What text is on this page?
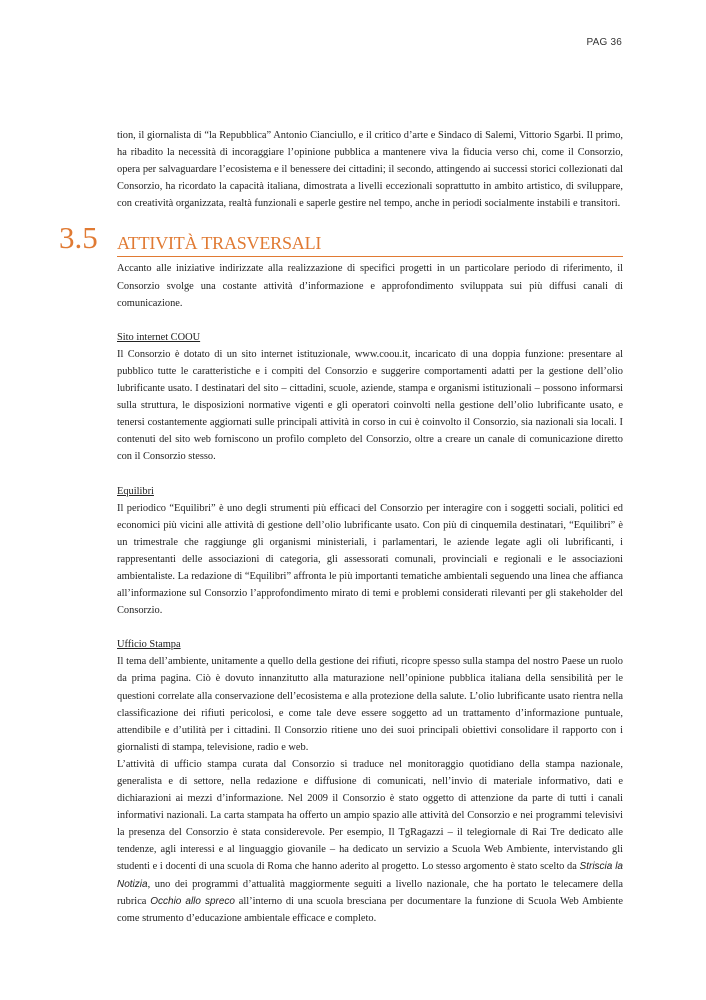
PAG 36

tion, il giornalista di “la Repubblica” Antonio Cianciullo, e il critico d’arte e Sindaco di Salemi, Vittorio Sgarbi. Il primo, ha ribadito la necessità di incoraggiare l’opinione pubblica a mantenere viva la fiducia verso chi, come il Consorzio, opera per salvaguardare l’ecosistema e il benessere dei cittadini; il secondo, attingendo ai successi storici collezionati dal Consorzio, ha ricordato la capacità italiana, dimostrata a livelli eccezionali soprattutto in ambito artistico, di sviluppare, con creatività organizzata, realtà funzionali e saperle gestire nel tempo, anche in periodi socialmente instabili e transitori.

3.5 ATTIVITÀ TRASVERSALI

Accanto alle iniziative indirizzate alla realizzazione di specifici progetti in un particolare periodo di riferimento, il Consorzio svolge una costante attività d’informazione e approfondimento sviluppata sui più diffusi canali di comunicazione.

Sito internet COOU

Il Consorzio è dotato di un sito internet istituzionale, www.coou.it, incaricato di una doppia funzione: presentare al pubblico tutte le caratteristiche e i compiti del Consorzio e suggerire comportamenti adatti per la gestione dell’olio lubrificante usato. I destinatari del sito – cittadini, scuole, aziende, stampa e organismi istituzionali – possono informarsi sulla struttura, le disposizioni normative vigenti e gli operatori coinvolti nella gestione dell’olio lubrificante usato, e tenersi costantemente aggiornati sulle principali attività in corso in cui è coinvolto il Consorzio, sia nazionali sia locali. I contenuti del sito web forniscono un profilo completo del Consorzio, oltre a creare un canale di comunicazione diretto con il Consorzio stesso.

Equilibri

Il periodico “Equilibri” è uno degli strumenti più efficaci del Consorzio per interagire con i soggetti sociali, politici ed economici più vicini alle attività di gestione dell’olio lubrificante usato. Con più di cinquemila destinatari, “Equilibri” è un trimestrale che raggiunge gli organismi ministeriali, i parlamentari, le aziende legate agli oli lubrificanti, i rappresentanti delle associazioni di categoria, gli assessorati comunali, provinciali e regionali e le associazioni ambientaliste. La redazione di “Equilibri” affronta le più importanti tematiche ambientali seguendo una linea che affianca all’informazione sul Consorzio l’approfondimento mirato di temi e problemi considerati rilevanti per gli stakeholder del Consorzio.

Ufficio Stampa

Il tema dell’ambiente, unitamente a quello della gestione dei rifiuti, ricopre spesso sulla stampa del nostro Paese un ruolo da prima pagina. Ciò è dovuto innanzitutto alla maturazione nell’opinione pubblica italiana della sensibilità per le questioni correlate alla conservazione dell’ecosistema e alla protezione della salute. L’olio lubrificante usato rientra nella classificazione dei rifiuti pericolosi, e come tale deve essere soggetto ad un trattamento d’informazione puntuale, attendibile e d’utilità per i cittadini. Il Consorzio ritiene uno dei suoi principali obiettivi consolidare il rapporto con i giornalisti di stampa, televisione, radio e web.

L’attività di ufficio stampa curata dal Consorzio si traduce nel monitoraggio quotidiano della stampa nazionale, generalista e di settore, nella redazione e diffusione di comunicati, nell’invio di materiale informativo, dati e dichiarazioni ai mezzi d’informazione. Nel 2009 il Consorzio è stato oggetto di attenzione da parte di tutti i canali informativi nazionali. La carta stampata ha offerto un ampio spazio alle attività del Consorzio e nei programmi televisivi la presenza del Consorzio è stata considerevole. Per esempio, Il TgRagazzi – il telegiornale di Rai Tre dedicato alle tendenze, agli interessi e al linguaggio giovanile – ha dedicato un servizio a Scuola Web Ambiente, intervistando gli studenti e i docenti di una scuola di Roma che hanno aderito al progetto. Lo stesso argomento è stato scelto da Striscia la Notizia, uno dei programmi d’attualità maggiormente seguiti a livello nazionale, che ha portato le telecamere della rubrica Occhio allo spreco all’interno di una scuola bresciana per documentare la funzione di Scuola Web Ambiente come strumento d’educazione ambientale efficace e completo.
